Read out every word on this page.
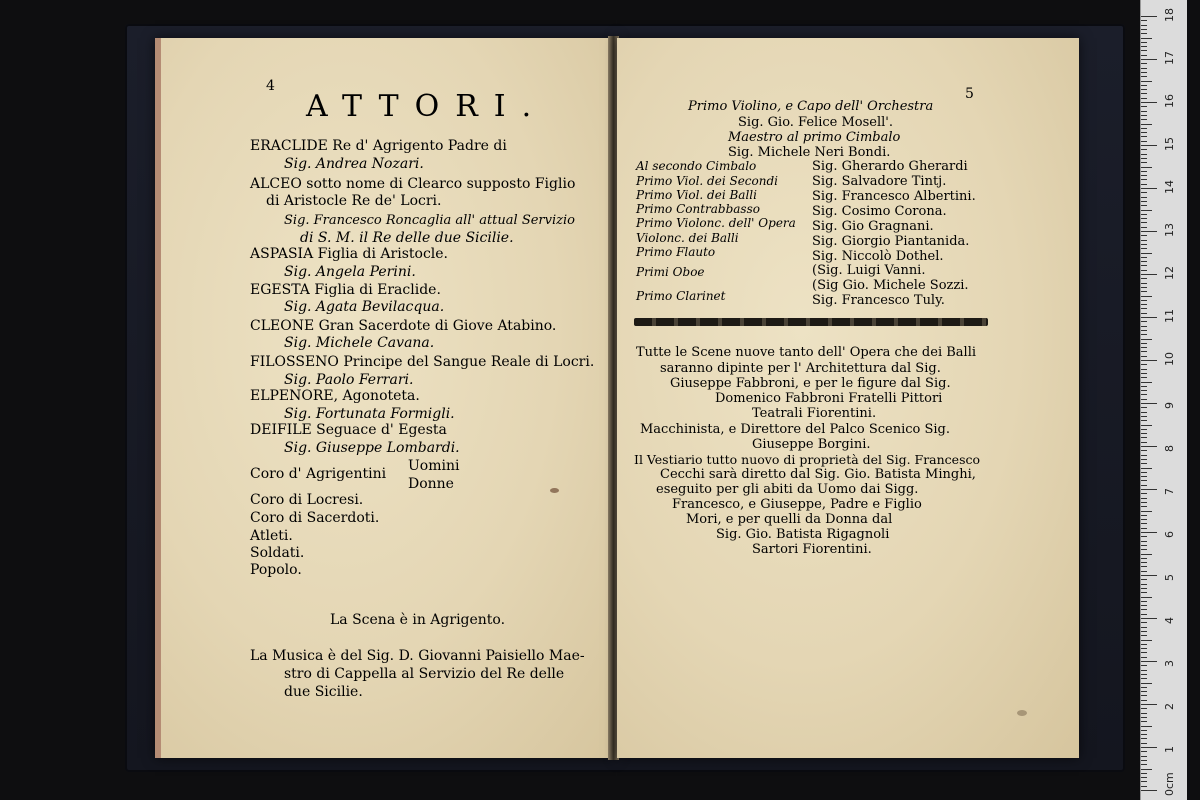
4
ATTORI.
ERACLIDE Re d' Agrigento Padre di
Sig. Andrea Nozari.
ALCEO sotto nome di Clearco supposto Figlio
di Aristocle Re de' Locri.
Sig. Francesco Roncaglia all' attual Servizio
di S. M. il Re delle due Sicilie.
ASPASIA Figlia di Aristocle.
Sig. Angela Perini.
EGESTA Figlia di Eraclide.
Sig. Agata Bevilacqua.
CLEONE Gran Sacerdote di Giove Atabino.
Sig. Michele Cavana.
FILOSSENO Principe del Sangue Reale di Locri.
Sig. Paolo Ferrari.
ELPENORE, Agonoteta.
Sig. Fortunata Formigli.
DEIFILE Seguace d' Egesta
Sig. Giuseppe Lombardi.
Coro d' Agrigentini Uomini
Donne
Coro di Locresi.
Coro di Sacerdoti.
Atleti.
Soldati.
Popolo.
La Scena è in Agrigento.
La Musica è del Sig. D. Giovanni Paisiello Mae-
stro di Cappella al Servizio del Re delle
due Sicilie.
5
Primo Violino, e Capo dell' Orchestra
Sig. Gio. Felice Mosell'.
Maestro al primo Cimbalo
Sig. Michele Neri Bondi.
Al secondo Cimbalo	Sig. Gherardo Gherardi
Primo Viol. dei Secondi	Sig. Salvadore Tintj.
Primo Viol. dei Balli	Sig. Francesco Albertini.
Primo Contrabbasso	Sig. Cosimo Corona.
Primo Violonc. dell' Opera Sig. Gio Gragnani.
Violonc. dei Balli	Sig. Giorgio Piantanida.
Primo Flauto	Sig. Niccolò Dothel.
Primi Oboe	(Sig. Luigi Vanni.
(Sig Gio. Michele Sozzi.
Primo Clarinet	Sig. Francesco Tuly.
Tutte le Scene nuove tanto dell' Opera che dei Balli
saranno dipinte per l' Architettura dal Sig.
Giuseppe Fabbroni, e per le figure dal Sig.
Domenico Fabbroni Fratelli Pittori
Teatrali Fiorentini.
Macchinista, e Direttore del Palco Scenico Sig.
Giuseppe Borgini.
Il Vestiario tutto nuovo di proprietà del Sig. Francesco
Cecchi sarà diretto dal Sig. Gio. Batista Minghi,
eseguito per gli abiti da Uomo dai Sigg.
Francesco, e Giuseppe, Padre e Figlio
Mori, e per quelli da Donna dal
Sig. Gio. Batista Rigagnoli
Sartori Fiorentini.
0cm
1
2
3
4
5
6
7
8
9
10
11
12
13
14
15
16
17
18
